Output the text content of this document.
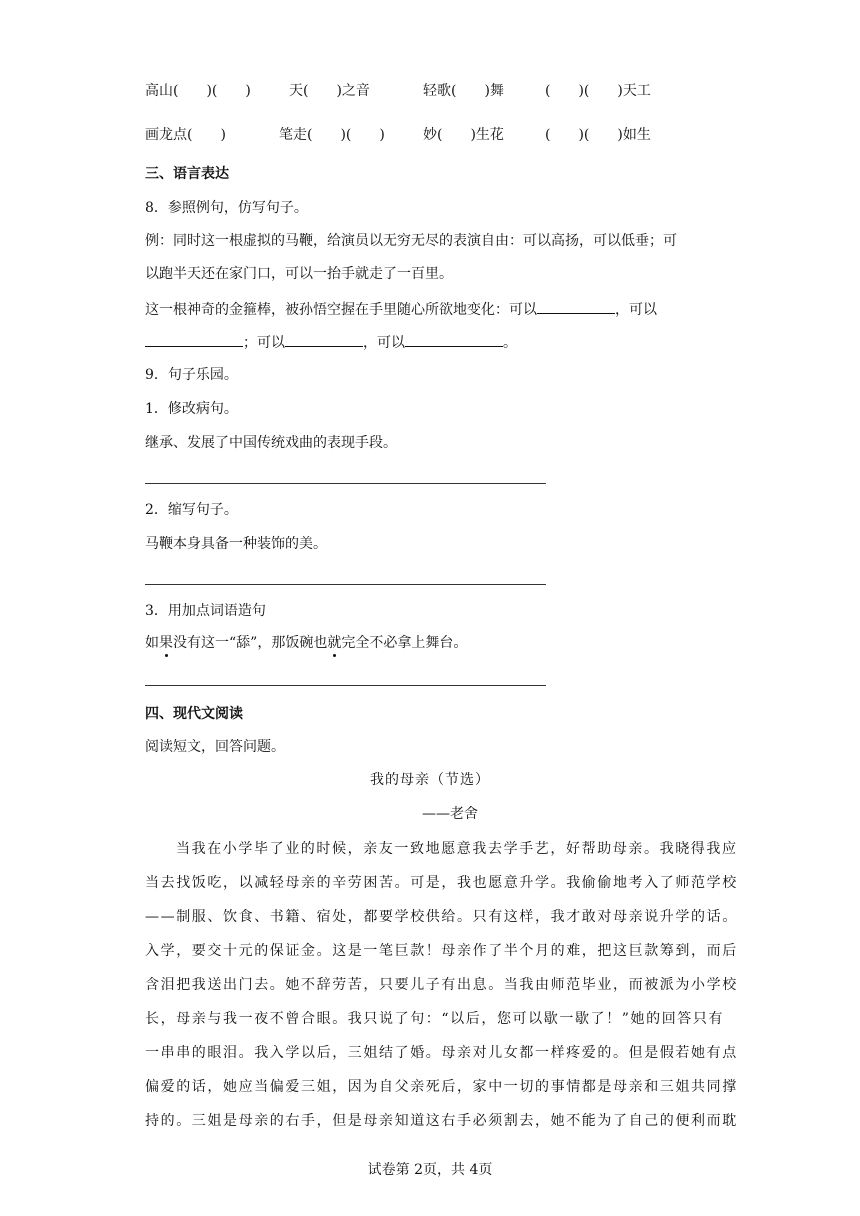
高山(　　)(　　)	天(　　)之音	轻歌(　　)舞	(　　)(　　)天工
画龙点(　　)	笔走(　　)(　　)	妙(　　)生花	(　　)(　　)如生
三、语言表达
8．参照例句，仿写句子。
例：同时这一根虚拟的马鞭，给演员以无穷无尽的表演自由：可以高扬，可以低垂；可
以跑半天还在家门口，可以一抬手就走了一百里。
这一根神奇的金箍棒，被孙悟空握在手里随心所欲地变化：可以	，可以
；可以	，可以	。
9．句子乐园。
1．修改病句。
继承、发展了中国传统戏曲的表现手段。
2．缩写句子。
马鞭本身具备一种装饰的美。
3．用加点词语造句
如果没有这一“舔”，那饭碗也就完全不必拿上舞台。
四、现代文阅读
阅读短文，回答问题。
我的母亲（节选）
——老舍
当我在小学毕了业的时候，亲友一致地愿意我去学手艺，好帮助母亲。我晓得我应
当去找饭吃，以减轻母亲的辛劳困苦。可是，我也愿意升学。我偷偷地考入了师范学校
——制服、饮食、书籍、宿处，都要学校供给。只有这样，我才敢对母亲说升学的话。
入学，要交十元的保证金。这是一笔巨款！母亲作了半个月的难，把这巨款筹到，而后
含泪把我送出门去。她不辞劳苦，只要儿子有出息。当我由师范毕业，而被派为小学校
长，母亲与我一夜不曾合眼。我只说了句：“以后，您可以歇一歇了！”她的回答只有
一串串的眼泪。我入学以后，三姐结了婚。母亲对儿女都一样疼爱的。但是假若她有点
偏爱的话，她应当偏爱三姐，因为自父亲死后，家中一切的事情都是母亲和三姐共同撑
持的。三姐是母亲的右手，但是母亲知道这右手必须割去，她不能为了自己的便利而耽
试卷第 2页，共 4页
